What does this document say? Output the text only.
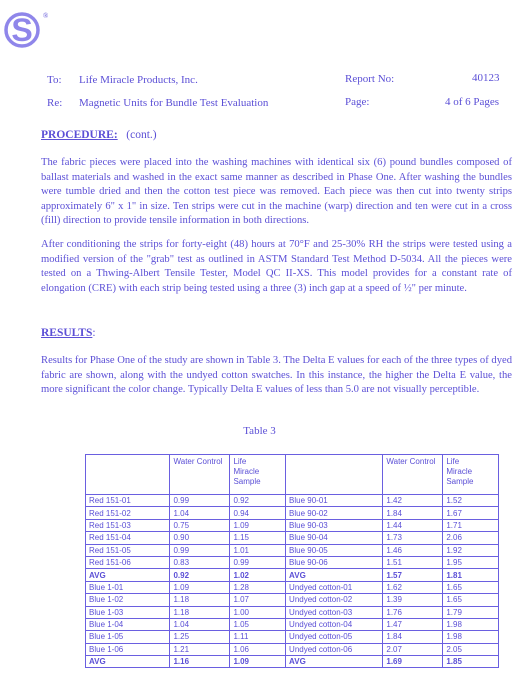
S ®
To: Life Miracle Products, Inc.	Report No:	40123
Re: Magnetic Units for Bundle Test Evaluation	Page:	4 of 6 Pages
PROCEDURE: (cont.)
The fabric pieces were placed into the washing machines with identical six (6) pound bundles composed of ballast materials and washed in the exact same manner as described in Phase One. After washing the bundles were tumble dried and then the cotton test piece was removed. Each piece was then cut into twenty strips approximately 6" x 1" in size. Ten strips were cut in the machine (warp) direction and ten were cut in a cross (fill) direction to provide tensile information in both directions.
After conditioning the strips for forty-eight (48) hours at 70°F and 25-30% RH the strips were tested using a modified version of the "grab" test as outlined in ASTM Standard Test Method D-5034. All the pieces were tested on a Thwing-Albert Tensile Tester, Model QC II-XS. This model provides for a constant rate of elongation (CRE) with each strip being tested using a three (3) inch gap at a speed of ½" per minute.
RESULTS:
Results for Phase One of the study are shown in Table 3. The Delta E values for each of the three types of dyed fabric are shown, along with the undyed cotton swatches. In this instance, the higher the Delta E value, the more significant the color change. Typically Delta E values of less than 5.0 are not visually perceptible.
Table 3
	Water Control	Life
Miracle
Sample		Water Control	Life
Miracle
Sample
Red 151-01	0.99	0.92	Blue 90-01	1.42	1.52
Red 151-02	1.04	0.94	Blue 90-02	1.84	1.67
Red 151-03	0.75	1.09	Blue 90-03	1.44	1.71
Red 151-04	0.90	1.15	Blue 90-04	1.73	2.06
Red 151-05	0.99	1.01	Blue 90-05	1.46	1.92
Red 151-06	0.83	0.99	Blue 90-06	1.51	1.95
AVG	0.92	1.02	AVG	1.57	1.81
Blue 1-01	1.09	1.28	Undyed cotton-01	1.62	1.65
Blue 1-02	1.18	1.07	Undyed cotton-02	1.39	1.65
Blue 1-03	1.18	1.00	Undyed cotton-03	1.76	1.79
Blue 1-04	1.04	1.05	Undyed cotton-04	1.47	1.98
Blue 1-05	1.25	1.11	Undyed cotton-05	1.84	1.98
Blue 1-06	1.21	1.06	Undyed cotton-06	2.07	2.05
AVG	1.16	1.09	AVG	1.69	1.85
